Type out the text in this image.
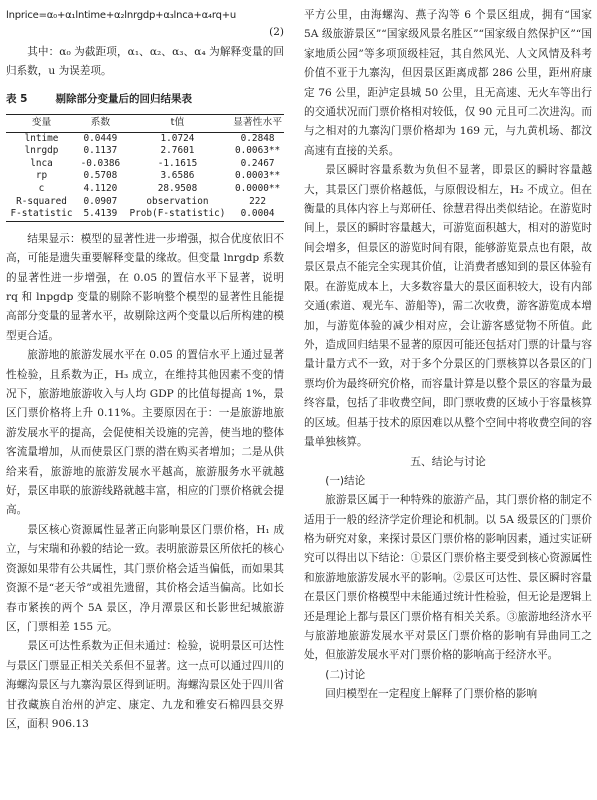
lnprice=α₀+α₁lntime+α₂lnrgdp+α₃lnca+α₄rq+u
(2)

其中：α₀ 为截距项，α₁、α₂、α₃、α₄ 为解释变量的回归系数，u 为误差项。

表 5	剔除部分变量后的回归结果表
变量	系数	t值	显著性水平
lntime	0.0449	1.0724	0.2848
lnrgdp	0.1137	2.7601	0.0063**
lnca	-0.0386	-1.1615	0.2467
rp	0.5708	3.6586	0.0003**
c	4.1120	28.9508	0.0000**
R-squared	0.0907	observation	222
F-statistic	5.4139	Prob(F-statistic)	0.0004

结果显示：模型的显著性进一步增强，拟合优度依旧不高，可能是遗失重要解释变量的缘故。但变量 lnrgdp 系数的显著性进一步增强，在 0.05 的置信水平下显著，说明 rq 和 lnpgdp 变量的剔除不影响整个模型的显著性且能提高部分变量的显著水平，故剔除这两个变量以后所构建的模型更合适。

旅游地的旅游发展水平在 0.05 的置信水平上通过显著性检验，且系数为正，H₃ 成立，在维持其他因素不变的情况下，旅游地旅游收入与人均 GDP 的比值每提高 1%，景区门票价格将上升 0.11%。主要原因在于：一是旅游地旅游发展水平的提高，会促使相关设施的完善，使当地的整体客流量增加，从而使景区门票的潜在购买者增加；二是从供给来看，旅游地的旅游发展水平越高，旅游服务水平就越好，景区串联的旅游线路就越丰富，相应的门票价格就会提高。

景区核心资源属性显著正向影响景区门票价格，H₁ 成立，与宋瑞和孙毅的结论一致。表明旅游景区所依托的核心资源如果带有公共属性，其门票价格会适当偏低，而如果其资源不是“老天爷”或祖先遗留，其价格会适当偏高。比如长春市紧挨的两个 5A 景区，净月潭景区和长影世纪城旅游区，门票相差 155 元。

景区可达性系数为正但未通过：检验，说明景区可达性与景区门票显正相关关系但不显著。这一点可以通过四川的海螺沟景区与九寨沟景区得到证明。海螺沟景区处于四川省甘孜藏族自治州的泸定、康定、九龙和雅安石棉四县交界区，面积 906.13

平方公里，由海螺沟、燕子沟等 6 个景区组成，拥有“国家 5A 级旅游景区”“国家级风景名胜区”“国家级自然保护区”“国家地质公园”等多项顶级桂冠，其自然风光、人文风情及科考价值不亚于九寨沟，但因景区距离成都 286 公里，距州府康定 76 公里，距泸定县城 50 公里，且无高速、无火车等出行的交通状况而门票价格相对较低，仅 90 元且可二次进沟。而与之相对的九寨沟门票价格却为 169 元，与九黄机场、都汶高速有直接的关系。

景区瞬时容量系数为负但不显著，即景区的瞬时容量越大，其景区门票价格越低，与原假设相左，H₂ 不成立。但在衡量的具体内容上与郑研任、徐慧君得出类似结论。在游览时间上，景区的瞬时容量越大，可游览面积越大，相对的游览时间会增多，但景区的游览时间有限，能够游览景点也有限，故景区景点不能完全实现其价值，让消费者感知到的景区体验有限。在游览成本上，大多数容量大的景区面积较大，设有内部交通(索道、观光车、游船等)，需二次收费，游客游览成本增加，与游览体验的减少相对应，会让游客感觉物不所值。此外，造成回归结果不显著的原因可能还包括对门票的计量与容量计量方式不一致，对于多个分景区的门票核算以各景区的门票均价为最终研究价格，而容量计算是以整个景区的容量为最终容量，包括了非收费空间，即门票收费的区域小于容量核算的区域。但基于技术的原因难以从整个空间中将收费空间的容量单独核算。

五、结论与讨论

(一)结论

旅游景区属于一种特殊的旅游产品，其门票价格的制定不适用于一般的经济学定价理论和机制。以 5A 级景区的门票价格为研究对象，来探讨景区门票价格的影响因素，通过实证研究可以得出以下结论：①景区门票价格主要受到核心资源属性和旅游地旅游发展水平的影响。②景区可达性、景区瞬时容量在景区门票价格模型中未能通过统计性检验，但无论是逻辑上还是理论上都与景区门票价格有相关关系。③旅游地经济水平与旅游地旅游发展水平对景区门票价格的影响有异曲同工之处，但旅游发展水平对门票价格的影响高于经济水平。

(二)讨论

回归模型在一定程度上解释了门票价格的影响
